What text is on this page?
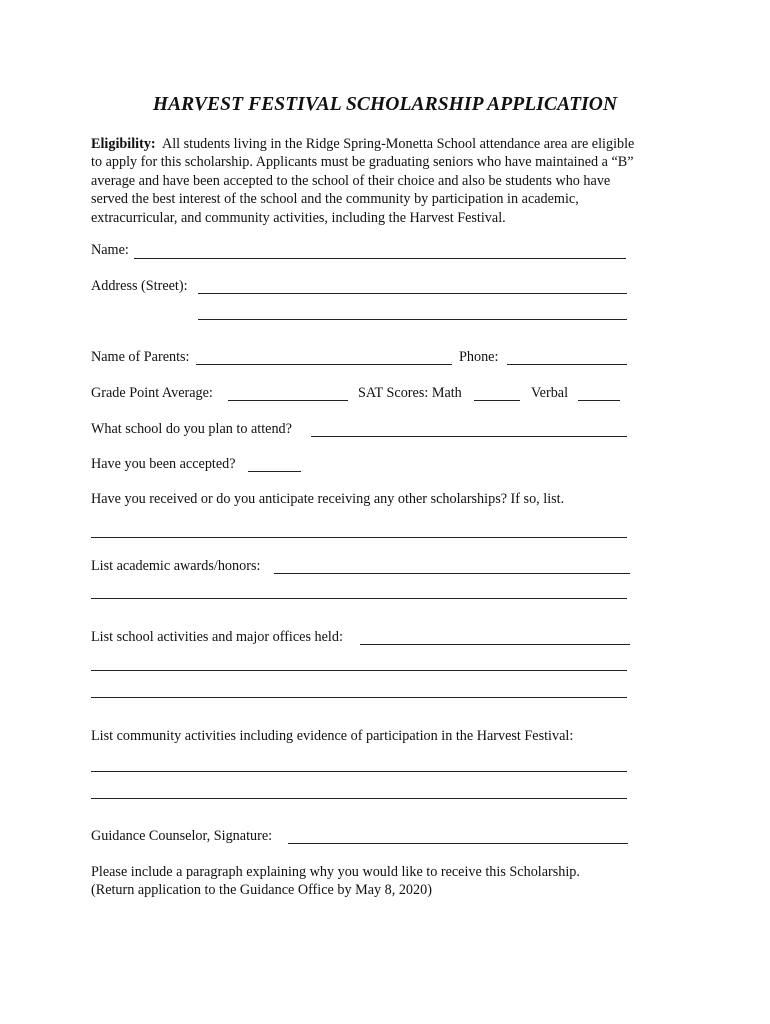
HARVEST FESTIVAL SCHOLARSHIP APPLICATION
Eligibility: All students living in the Ridge Spring-Monetta School attendance area are eligible
to apply for this scholarship. Applicants must be graduating seniors who have maintained a “B”
average and have been accepted to the school of their choice and also be students who have
served the best interest of the school and the community by participation in academic,
extracurricular, and community activities, including the Harvest Festival.
Name:
Address (Street):
Name of Parents:	Phone:
Grade Point Average:	SAT Scores: Math	Verbal
What school do you plan to attend?
Have you been accepted?
Have you received or do you anticipate receiving any other scholarships? If so, list.
List academic awards/honors:
List school activities and major offices held:
List community activities including evidence of participation in the Harvest Festival:
Guidance Counselor, Signature:
Please include a paragraph explaining why you would like to receive this Scholarship.
(Return application to the Guidance Office by May 8, 2020)
